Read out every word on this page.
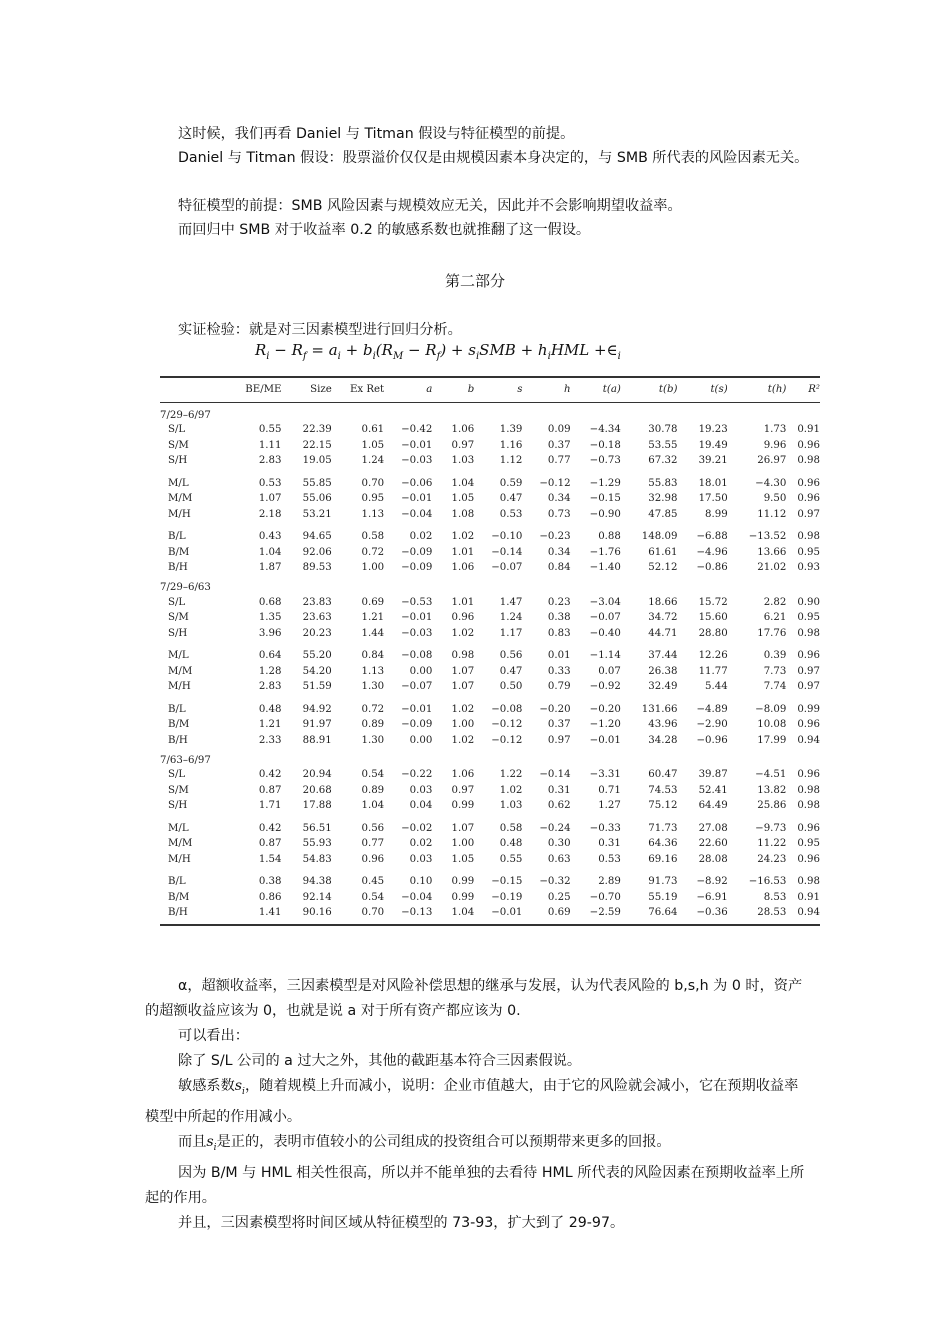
这时候，我们再看 Daniel 与 Titman 假设与特征模型的前提。

Daniel 与 Titman 假设：股票溢价仅仅是由规模因素本身决定的，与 SMB 所代表的风险因素无关。

特征模型的前提：SMB 风险因素与规模效应无关，因此并不会影响期望收益率。

而回归中 SMB 对于收益率 0.2 的敏感系数也就推翻了这一假设。

第二部分

实证检验：就是对三因素模型进行回归分析。

$R_i - R_f = a_i + b_i(R_M - R_f) + s_iSMB + h_iHML$ $+\in_i$
	BE/ME	Size	Ex Ret	a	b	s	h	t(a)	t(b)	t(s)	t(h)	R²
7/29–6/97												
S/L	0.55	22.39	0.61	−0.42	1.06	1.39	0.09	−4.34	30.78	19.23	1.73	0.91
S/M	1.11	22.15	1.05	−0.01	0.97	1.16	0.37	−0.18	53.55	19.49	9.96	0.96
S/H	2.83	19.05	1.24	−0.03	1.03	1.12	0.77	−0.73	67.32	39.21	26.97	0.98

M/L	0.53	55.85	0.70	−0.06	1.04	0.59	−0.12	−1.29	55.83	18.01	−4.30	0.96
M/M	1.07	55.06	0.95	−0.01	1.05	0.47	0.34	−0.15	32.98	17.50	9.50	0.96
M/H	2.18	53.21	1.13	−0.04	1.08	0.53	0.73	−0.90	47.85	8.99	11.12	0.97

B/L	0.43	94.65	0.58	0.02	1.02	−0.10	−0.23	0.88	148.09	−6.88	−13.52	0.98
B/M	1.04	92.06	0.72	−0.09	1.01	−0.14	0.34	−1.76	61.61	−4.96	13.66	0.95
B/H	1.87	89.53	1.00	−0.09	1.06	−0.07	0.84	−1.40	52.12	−0.86	21.02	0.93
7/29–6/63												
S/L	0.68	23.83	0.69	−0.53	1.01	1.47	0.23	−3.04	18.66	15.72	2.82	0.90
S/M	1.35	23.63	1.21	−0.01	0.96	1.24	0.38	−0.07	34.72	15.60	6.21	0.95
S/H	3.96	20.23	1.44	−0.03	1.02	1.17	0.83	−0.40	44.71	28.80	17.76	0.98

M/L	0.64	55.20	0.84	−0.08	0.98	0.56	0.01	−1.14	37.44	12.26	0.39	0.96
M/M	1.28	54.20	1.13	0.00	1.07	0.47	0.33	0.07	26.38	11.77	7.73	0.97
M/H	2.83	51.59	1.30	−0.07	1.07	0.50	0.79	−0.92	32.49	5.44	7.74	0.97

B/L	0.48	94.92	0.72	−0.01	1.02	−0.08	−0.20	−0.20	131.66	−4.89	−8.09	0.99
B/M	1.21	91.97	0.89	−0.09	1.00	−0.12	0.37	−1.20	43.96	−2.90	10.08	0.96
B/H	2.33	88.91	1.30	0.00	1.02	−0.12	0.97	−0.01	34.28	−0.96	17.99	0.94
7/63–6/97												
S/L	0.42	20.94	0.54	−0.22	1.06	1.22	−0.14	−3.31	60.47	39.87	−4.51	0.96
S/M	0.87	20.68	0.89	0.03	0.97	1.02	0.31	0.71	74.53	52.41	13.82	0.98
S/H	1.71	17.88	1.04	0.04	0.99	1.03	0.62	1.27	75.12	64.49	25.86	0.98

M/L	0.42	56.51	0.56	−0.02	1.07	0.58	−0.24	−0.33	71.73	27.08	−9.73	0.96
M/M	0.87	55.93	0.77	0.02	1.00	0.48	0.30	0.31	64.36	22.60	11.22	0.95
M/H	1.54	54.83	0.96	0.03	1.05	0.55	0.63	0.53	69.16	28.08	24.23	0.96

B/L	0.38	94.38	0.45	0.10	0.99	−0.15	−0.32	2.89	91.73	−8.92	−16.53	0.98
B/M	0.86	92.14	0.54	−0.04	0.99	−0.19	0.25	−0.70	55.19	−6.91	8.53	0.91
B/H	1.41	90.16	0.70	−0.13	1.04	−0.01	0.69	−2.59	76.64	−0.36	28.53	0.94

α，超额收益率，三因素模型是对风险补偿思想的继承与发展，认为代表风险的 b,s,h 为 0 时，资产的超额收益应该为 0，也就是说 a 对于所有资产都应该为 0.

可以看出：

除了 S/L 公司的 a 过大之外，其他的截距基本符合三因素假说。

敏感系数$s_i$，随着规模上升而减小，说明：企业市值越大，由于它的风险就会减小，它在预期收益率模型中所起的作用减小。

而且$s_i$是正的，表明市值较小的公司组成的投资组合可以预期带来更多的回报。

因为 B/M 与 HML 相关性很高，所以并不能单独的去看待 HML 所代表的风险因素在预期收益率上所起的作用。

并且，三因素模型将时间区域从特征模型的 73-93，扩大到了 29-97。
